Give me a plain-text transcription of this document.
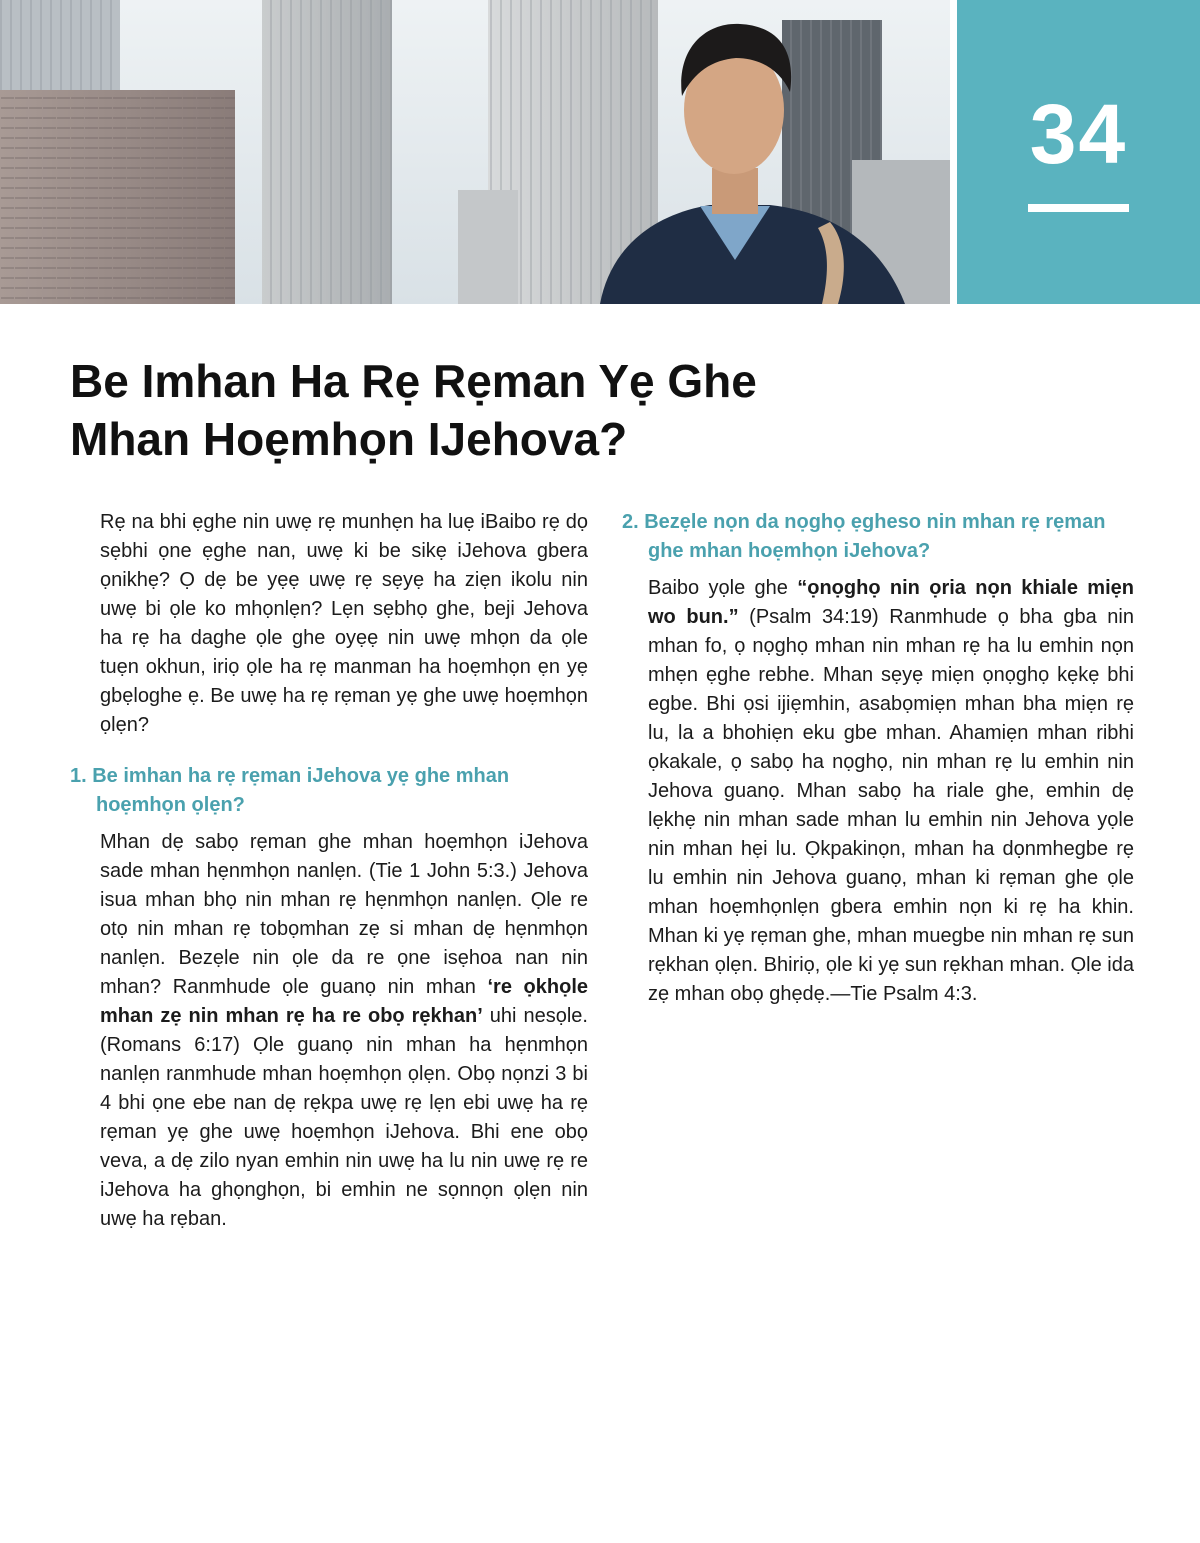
34
Be Imhan Ha Rẹ Rẹman Yẹ Ghe Mhan Hoẹmhọn IJehova?

Rẹ na bhi ẹghe nin uwẹ rẹ munhẹn ha luẹ iBaibo rẹ dọ sẹbhi ọne ẹghe nan, uwẹ ki be sikẹ iJehova gbera ọnikhẹ? Ọ dẹ be yẹẹ uwẹ rẹ sẹyẹ ha ziẹn ikolu nin uwẹ bi ọle ko mhọnlẹn? Lẹn sẹbhọ ghe, beji Jehova ha rẹ ha daghe ọle ghe oyẹẹ nin uwẹ mhọn da ọle tuẹn okhun, iriọ ọle ha rẹ manman ha hoẹmhọn ẹn yẹ gbẹloghe ẹ. Be uwẹ ha rẹ rẹman yẹ ghe uwẹ hoẹmhọn ọlẹn?

1. Be imhan ha rẹ rẹman iJehova yẹ ghe mhan hoẹmhọn ọlẹn?

Mhan dẹ sabọ rẹman ghe mhan hoẹmhọn iJehova sade mhan hẹnmhọn nanlẹn. (Tie 1 John 5:3.) Jehova isua mhan bhọ nin mhan rẹ hẹnmhọn nanlẹn. Ọle re otọ nin mhan rẹ tobọmhan zẹ si mhan dẹ hẹnmhọn nanlẹn. Bezẹle nin ọle da re ọne isẹhoa nan nin mhan? Ranmhude ọle guanọ nin mhan ‘re ọkhọle mhan zẹ nin mhan rẹ ha re obọ rẹkhan’ uhi nesọle. (Romans 6:17) Ọle guanọ nin mhan ha hẹnmhọn nanlẹn ranmhude mhan hoẹmhọn ọlẹn. Obọ nọnzi 3 bi 4 bhi ọne ebe nan dẹ rẹkpa uwẹ rẹ lẹn ebi uwẹ ha rẹ rẹman yẹ ghe uwẹ hoẹmhọn iJehova. Bhi ene obọ veva, a dẹ zilo nyan emhin nin uwẹ ha lu nin uwẹ rẹ re iJehova ha ghọnghọn, bi emhin ne sọnnọn ọlẹn nin uwẹ ha rẹban.

2. Bezẹle nọn da nọghọ ẹgheso nin mhan rẹ rẹman ghe mhan hoẹmhọn iJehova?

Baibo yọle ghe “ọnọghọ nin ọria nọn khiale miẹn wo bun.” (Psalm 34:19) Ranmhude ọ bha gba nin mhan fo, ọ nọghọ mhan nin mhan rẹ ha lu emhin nọn mhẹn ẹghe rebhe. Mhan sẹyẹ miẹn ọnọghọ kẹkẹ bhi egbe. Bhi ọsi ijiẹmhin, asabọmiẹn mhan bha miẹn rẹ lu, la a bhohiẹn eku gbe mhan. Ahamiẹn mhan ribhi ọkakale, ọ sabọ ha nọghọ, nin mhan rẹ lu emhin nin Jehova guanọ. Mhan sabọ ha riale ghe, emhin dẹ lẹkhẹ nin mhan sade mhan lu emhin nin Jehova yọle nin mhan hẹi lu. Ọkpakinọn, mhan ha dọnmhegbe rẹ lu emhin nin Jehova guanọ, mhan ki rẹman ghe ọle mhan hoẹmhọnlẹn gbera emhin nọn ki rẹ ha khin. Mhan ki yẹ rẹman ghe, mhan muegbe nin mhan rẹ sun rẹkhan ọlẹn. Bhiriọ, ọle ki yẹ sun rẹkhan mhan. Ọle ida zẹ mhan obọ ghẹdẹ.—Tie Psalm 4:3.
